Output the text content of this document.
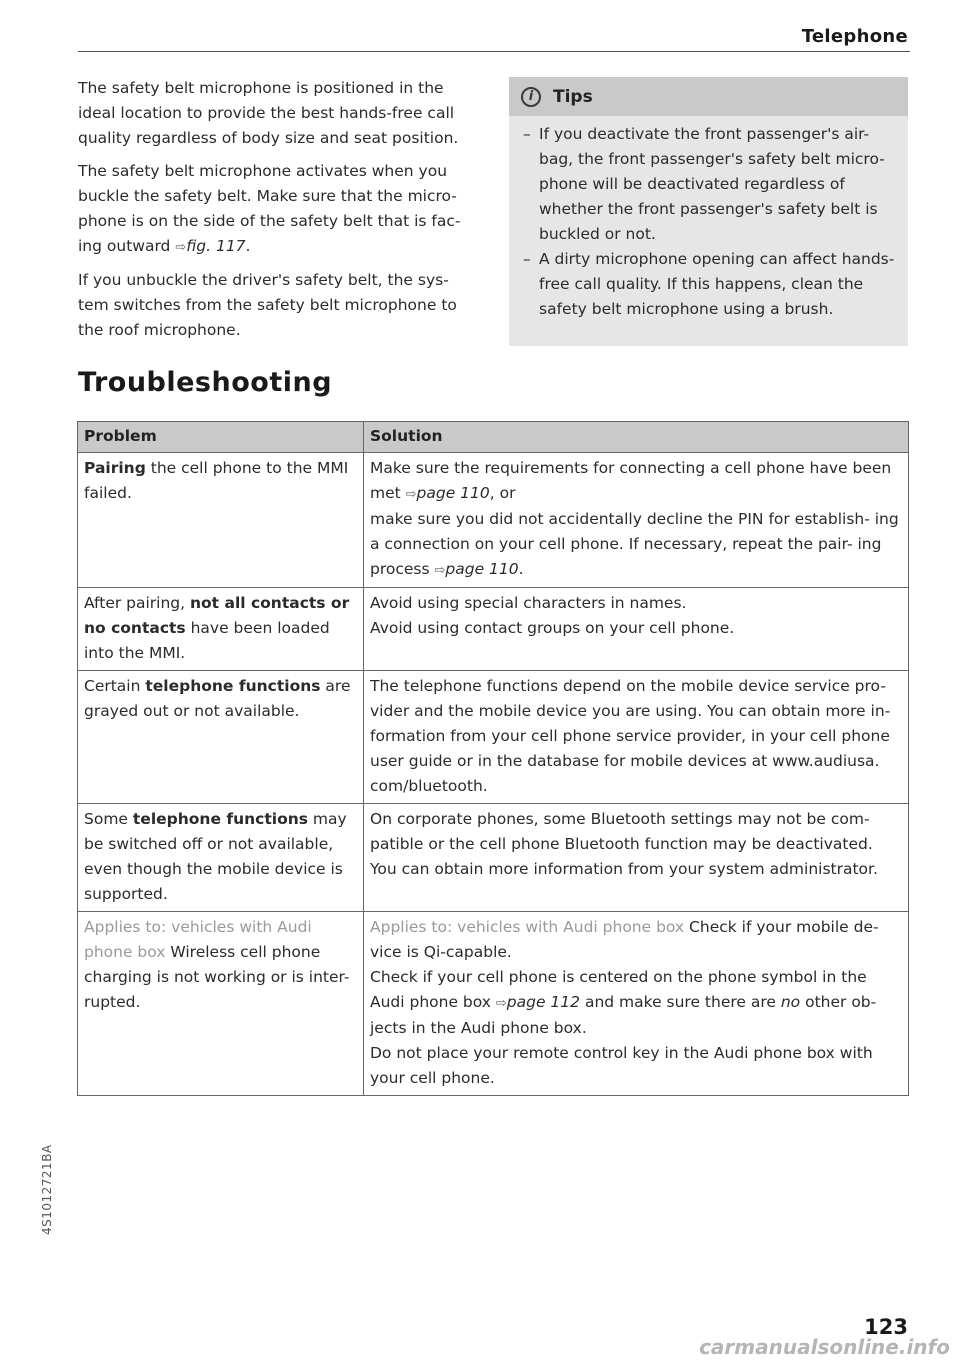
Telephone

The safety belt microphone is positioned in the ideal location to provide the best hands-free call quality regardless of body size and seat position.

The safety belt microphone activates when you buckle the safety belt. Make sure that the micro- phone is on the side of the safety belt that is fac- ing outward ⇨fig. 117.

If you unbuckle the driver's safety belt, the sys- tem switches from the safety belt microphone to the roof microphone.

i	Tips
– If you deactivate the front passenger's air- bag, the front passenger's safety belt micro- phone will be deactivated regardless of whether the front passenger's safety belt is buckled or not.
– A dirty microphone opening can affect hands-free call quality. If this happens, clean the safety belt microphone using a brush.
Troubleshooting
Problem	Solution
Pairing the cell phone to the MMI failed.	Make sure the requirements for connecting a cell phone have been met ⇨page 110, or
make sure you did not accidentally decline the PIN for establish- ing a connection on your cell phone. If necessary, repeat the pair- ing process ⇨page 110.

After pairing, not all contacts or no contacts have been loaded into the MMI.	Avoid using special characters in names.
Avoid using contact groups on your cell phone.

Certain telephone functions are grayed out or not available.	The telephone functions depend on the mobile device service pro- vider and the mobile device you are using. You can obtain more in- formation from your cell phone service provider, in your cell phone user guide or in the database for mobile devices at www.audiusa. com/bluetooth.
Some telephone functions may be switched off or not available, even though the mobile device is supported.	On corporate phones, some Bluetooth settings may not be com- patible or the cell phone Bluetooth function may be deactivated. You can obtain more information from your system administrator.
Applies to: vehicles with Audi phone box Wireless cell phone charging is not working or is inter- rupted.	Applies to: vehicles with Audi phone box Check if your mobile de- vice is Qi-capable.
Check if your cell phone is centered on the phone symbol in the Audi phone box ⇨page 112 and make sure there are no other ob- jects in the Audi phone box.
Do not place your remote control key in the Audi phone box with your cell phone.
4S1012721BA
123
carmanualsonline.info
